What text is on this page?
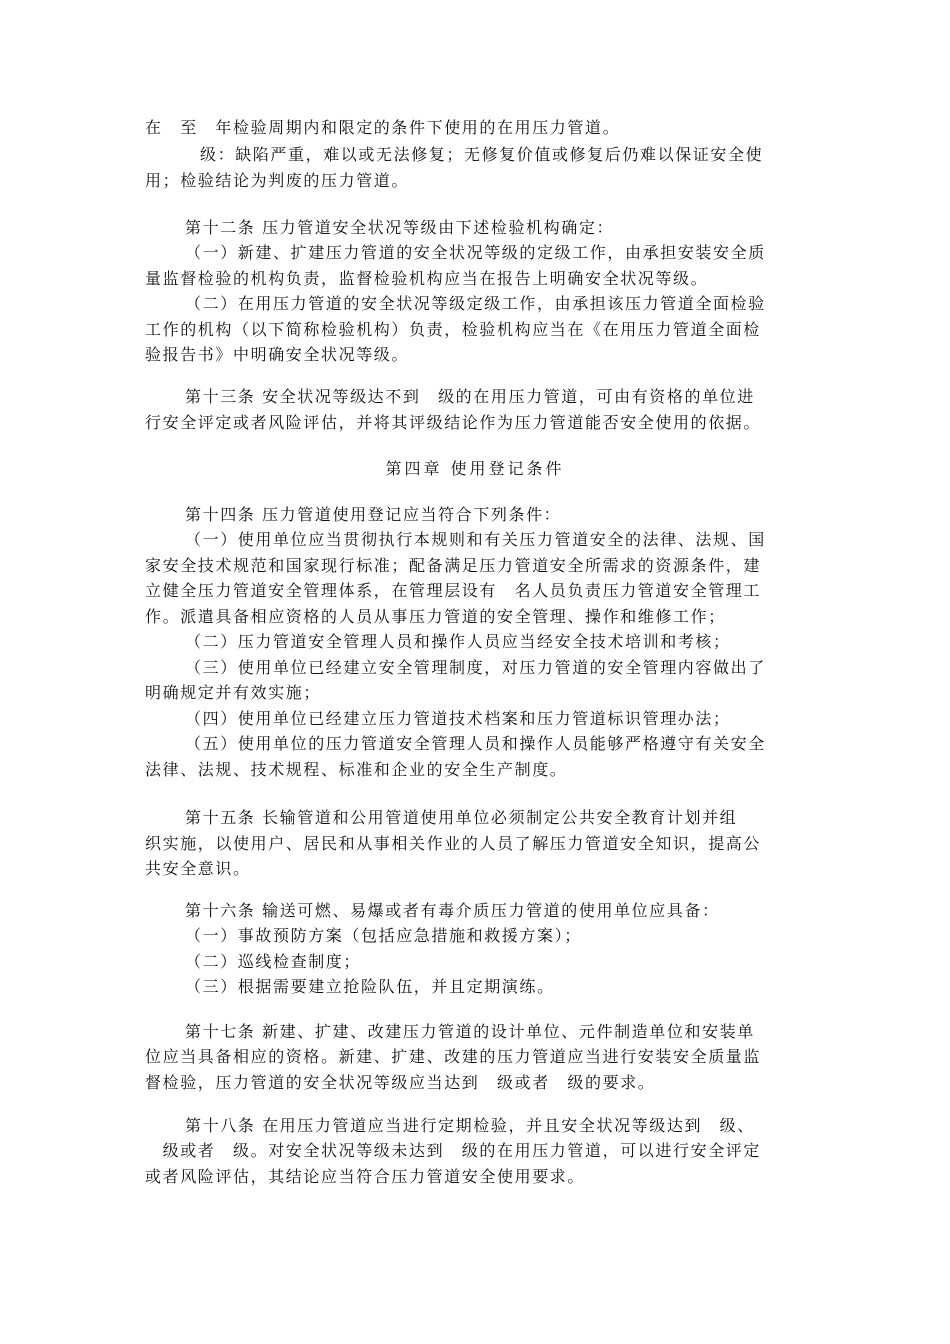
在　至　年检验周期内和限定的条件下使用的在用压力管道。
级：缺陷严重，难以或无法修复；无修复价值或修复后仍难以保证安全使
用；检验结论为判废的压力管道。
第十二条 压力管道安全状况等级由下述检验机构确定：
（一）新建、扩建压力管道的安全状况等级的定级工作，由承担安装安全质
量监督检验的机构负责，监督检验机构应当在报告上明确安全状况等级。
（二）在用压力管道的安全状况等级定级工作，由承担该压力管道全面检验
工作的机构（以下简称检验机构）负责，检验机构应当在《在用压力管道全面检
验报告书》中明确安全状况等级。
第十三条 安全状况等级达不到　级的在用压力管道，可由有资格的单位进
行安全评定或者风险评估，并将其评级结论作为压力管道能否安全使用的依据。
第四章 使用登记条件
第十四条 压力管道使用登记应当符合下列条件：
（一）使用单位应当贯彻执行本规则和有关压力管道安全的法律、法规、国
家安全技术规范和国家现行标准；配备满足压力管道安全所需求的资源条件，建
立健全压力管道安全管理体系，在管理层设有　名人员负责压力管道安全管理工
作。派遣具备相应资格的人员从事压力管道的安全管理、操作和维修工作；
（二）压力管道安全管理人员和操作人员应当经安全技术培训和考核；
（三）使用单位已经建立安全管理制度，对压力管道的安全管理内容做出了
明确规定并有效实施；
（四）使用单位已经建立压力管道技术档案和压力管道标识管理办法；
（五）使用单位的压力管道安全管理人员和操作人员能够严格遵守有关安全
法律、法规、技术规程、标准和企业的安全生产制度。
第十五条 长输管道和公用管道使用单位必须制定公共安全教育计划并组
织实施，以使用户、居民和从事相关作业的人员了解压力管道安全知识，提高公
共安全意识。
第十六条 输送可燃、易爆或者有毒介质压力管道的使用单位应具备：
（一）事故预防方案（包括应急措施和救援方案）；
（二）巡线检查制度；
（三）根据需要建立抢险队伍，并且定期演练。
第十七条 新建、扩建、改建压力管道的设计单位、元件制造单位和安装单
位应当具备相应的资格。新建、扩建、改建的压力管道应当进行安装安全质量监
督检验，压力管道的安全状况等级应当达到　级或者　级的要求。
第十八条 在用压力管道应当进行定期检验，并且安全状况等级达到　级、
　级或者　级。对安全状况等级未达到　级的在用压力管道，可以进行安全评定
或者风险评估，其结论应当符合压力管道安全使用要求。
